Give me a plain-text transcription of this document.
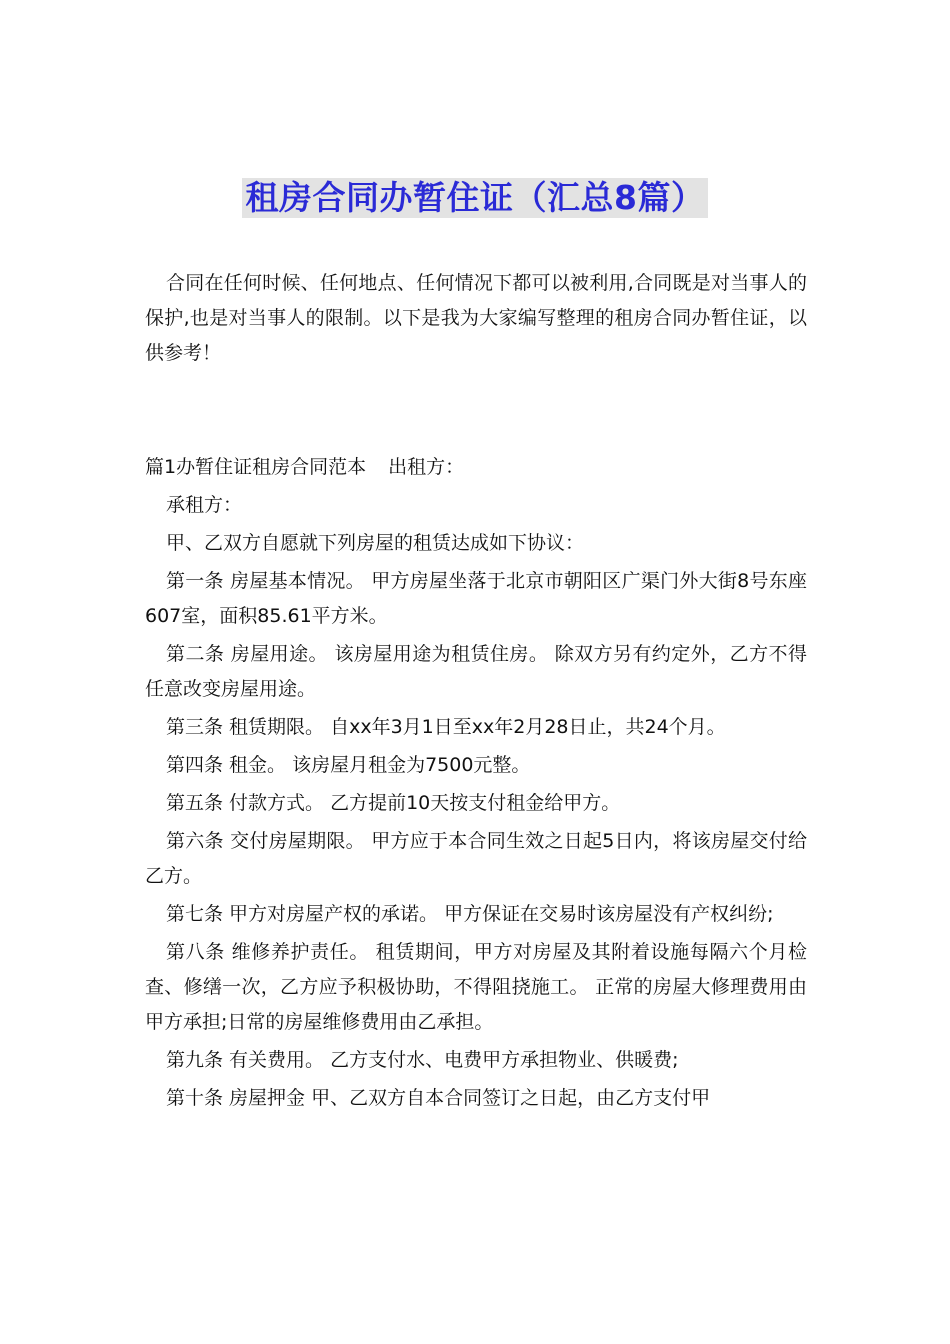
租房合同办暂住证（汇总8篇）

合同在任何时候、任何地点、任何情况下都可以被利用,合同既是对当事人的保护,也是对当事人的限制。以下是我为大家编写整理的租房合同办暂住证，以供参考！

篇1办暂住证租房合同范本 出租方：

承租方：

甲、乙双方自愿就下列房屋的租赁达成如下协议：

第一条 房屋基本情况。 甲方房屋坐落于北京市朝阳区广渠门外大街8号东座607室，面积85.61平方米。

第二条 房屋用途。 该房屋用途为租赁住房。 除双方另有约定外，乙方不得任意改变房屋用途。

第三条 租赁期限。 自xx年3月1日至xx年2月28日止，共24个月。

第四条 租金。 该房屋月租金为7500元整。

第五条 付款方式。 乙方提前10天按支付租金给甲方。

第六条 交付房屋期限。 甲方应于本合同生效之日起5日内，将该房屋交付给乙方。

第七条 甲方对房屋产权的承诺。 甲方保证在交易时该房屋没有产权纠纷;

第八条 维修养护责任。 租赁期间，甲方对房屋及其附着设施每隔六个月检查、修缮一次，乙方应予积极协助，不得阻挠施工。 正常的房屋大修理费用由甲方承担;日常的房屋维修费用由乙承担。

第九条 有关费用。 乙方支付水、电费甲方承担物业、供暖费;

第十条 房屋押金 甲、乙双方自本合同签订之日起，由乙方支付甲
